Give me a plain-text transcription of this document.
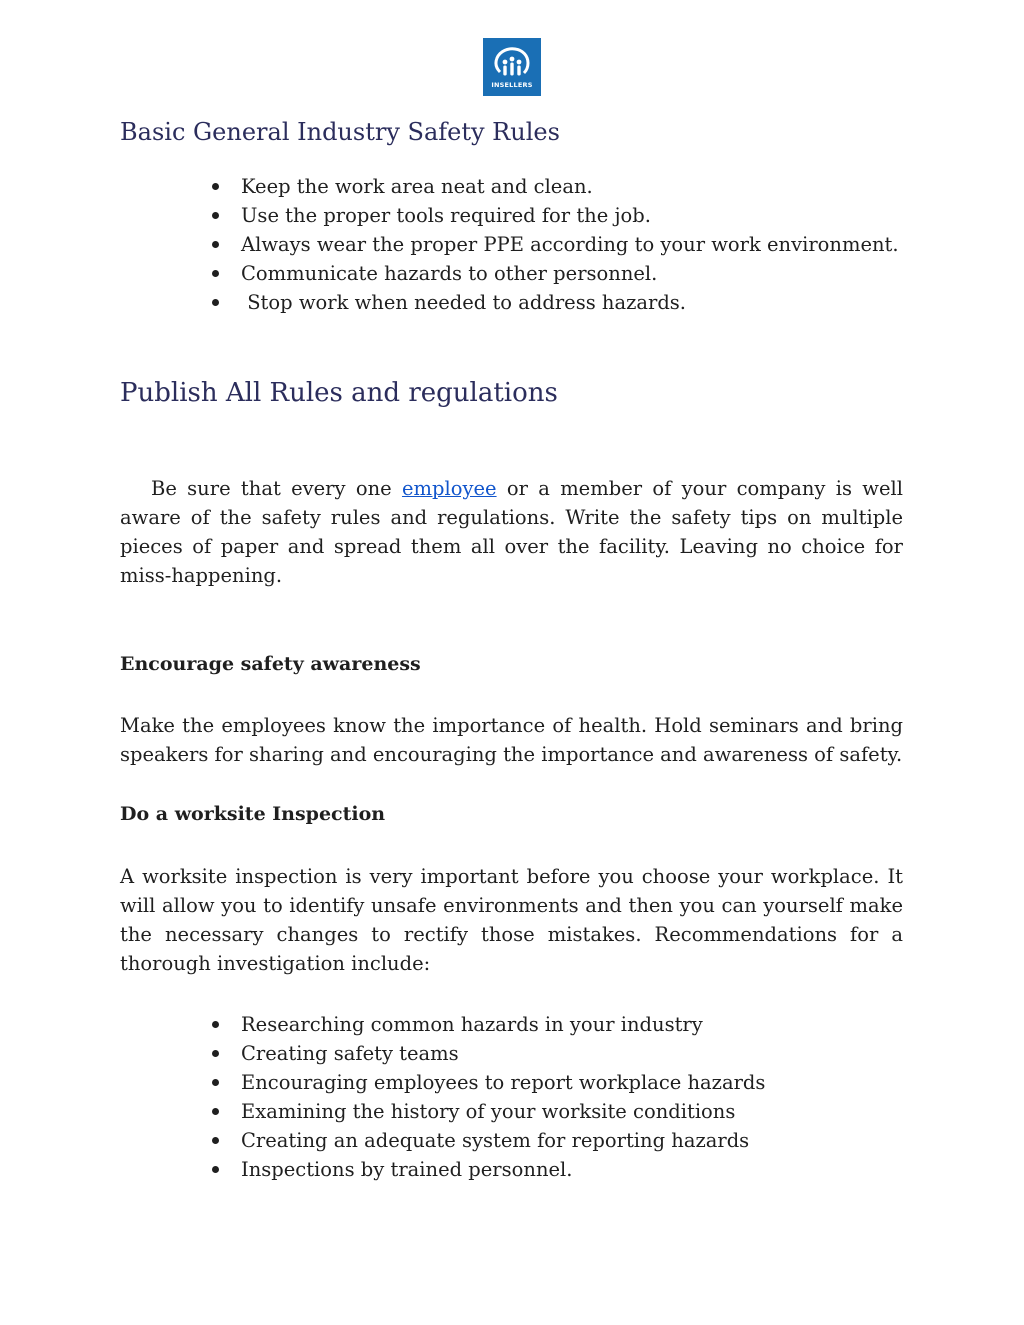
INSELLERS
Basic General Industry Safety Rules
Keep the work area neat and clean.
Use the proper tools required for the job.
Always wear the proper PPE according to your work environment.
Communicate hazards to other personnel.
Stop work when needed to address hazards.
Publish All Rules and regulations

Be sure that every one employee or a member of your company is well aware of the safety rules and regulations. Write the safety tips on multiple pieces of paper and spread them all over the facility. Leaving no choice for miss-happening.

Encourage safety awareness

Make the employees know the importance of health. Hold seminars and bring speakers for sharing and encouraging the importance and awareness of safety.

Do a worksite Inspection

A worksite inspection is very important before you choose your workplace. It will allow you to identify unsafe environments and then you can yourself make the necessary changes to rectify those mistakes. Recommendations for a thorough investigation include:

Researching common hazards in your industry
Creating safety teams
Encouraging employees to report workplace hazards
Examining the history of your worksite conditions
Creating an adequate system for reporting hazards
Inspections by trained personnel.
